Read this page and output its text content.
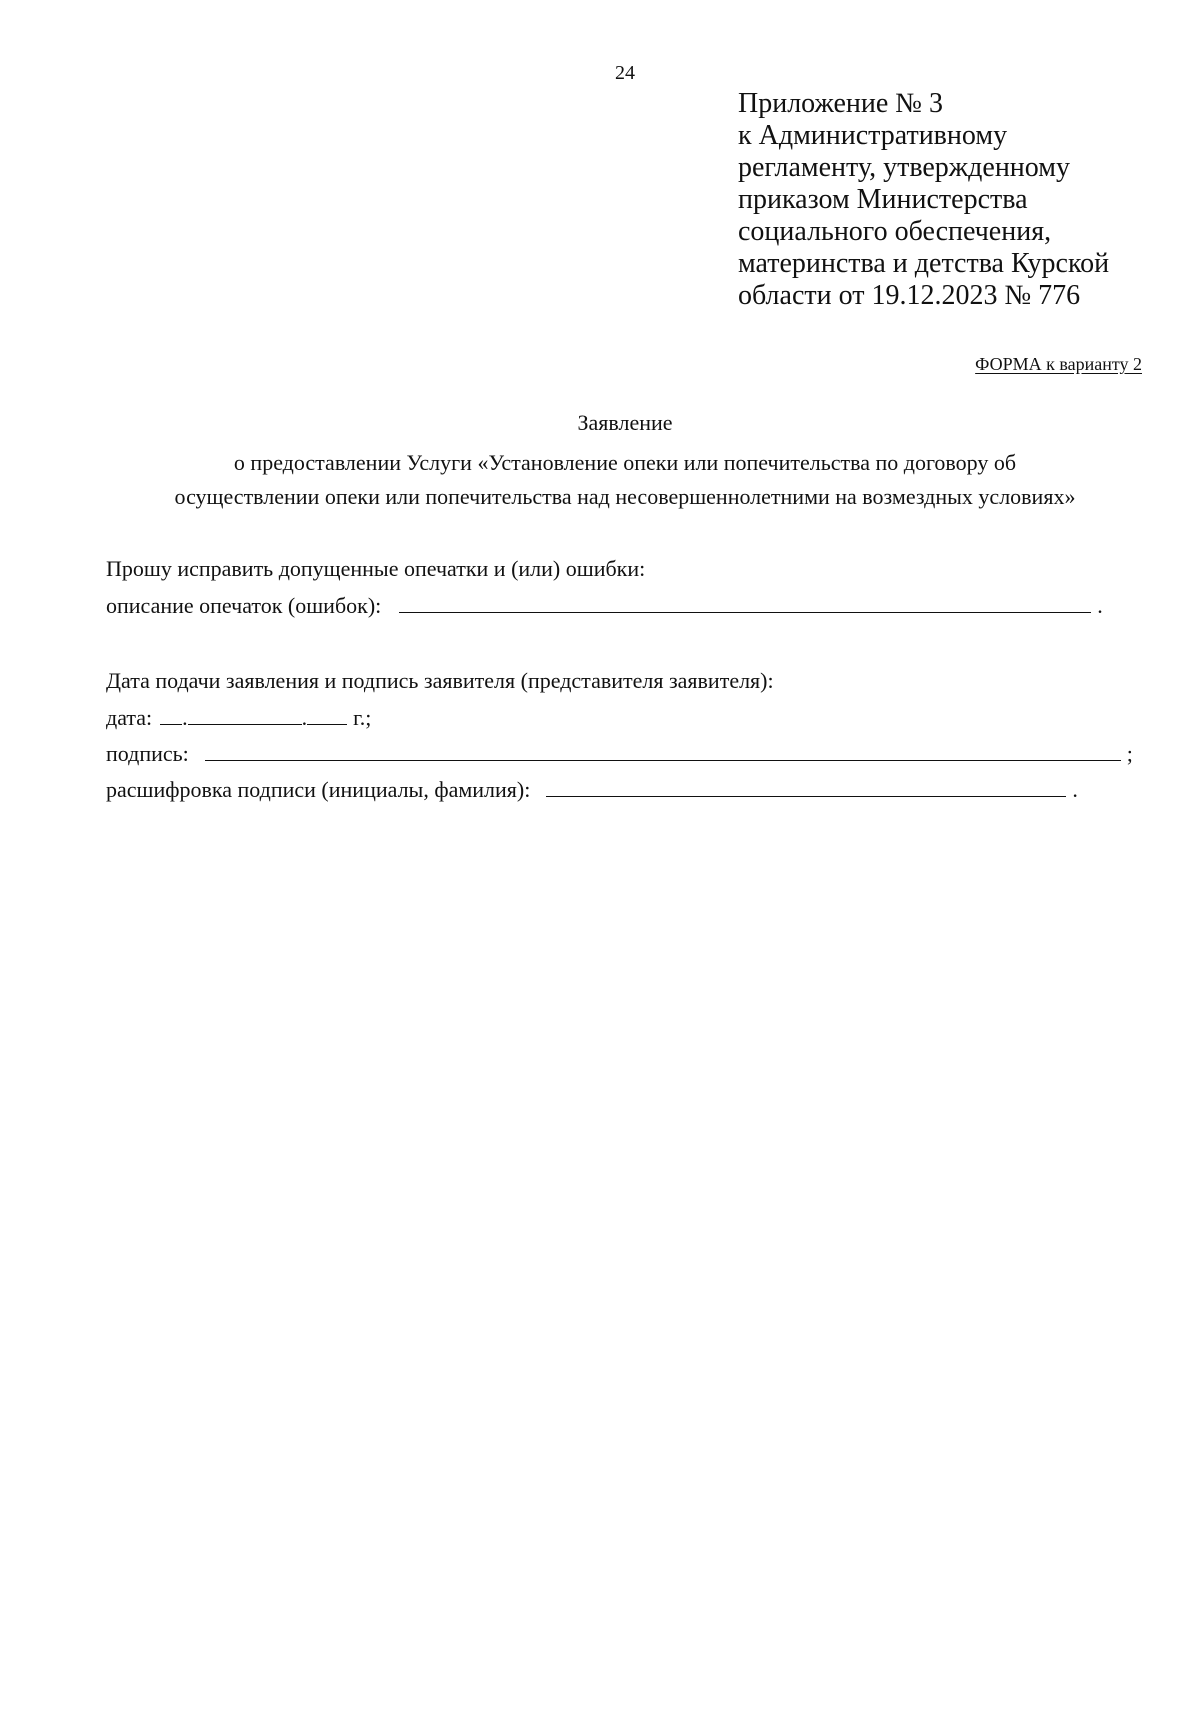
24
Приложение № 3
к Административному
регламенту, утвержденному
приказом Министерства
социального обеспечения,
материнства и детства Курской
области от 19.12.2023 № 776
ФОРМА к варианту 2
Заявление
о предоставлении Услуги «Установление опеки или попечительства по договору об
осуществлении опеки или попечительства над несовершеннолетними на возмездных условиях»
Прошу исправить допущенные опечатки и (или) ошибки:
описание опечаток (ошибок):	.
Дата подачи заявления и подпись заявителя (представителя заявителя):
дата: .	. г.;
подпись:	;
расшифровка подписи (инициалы, фамилия):	.
